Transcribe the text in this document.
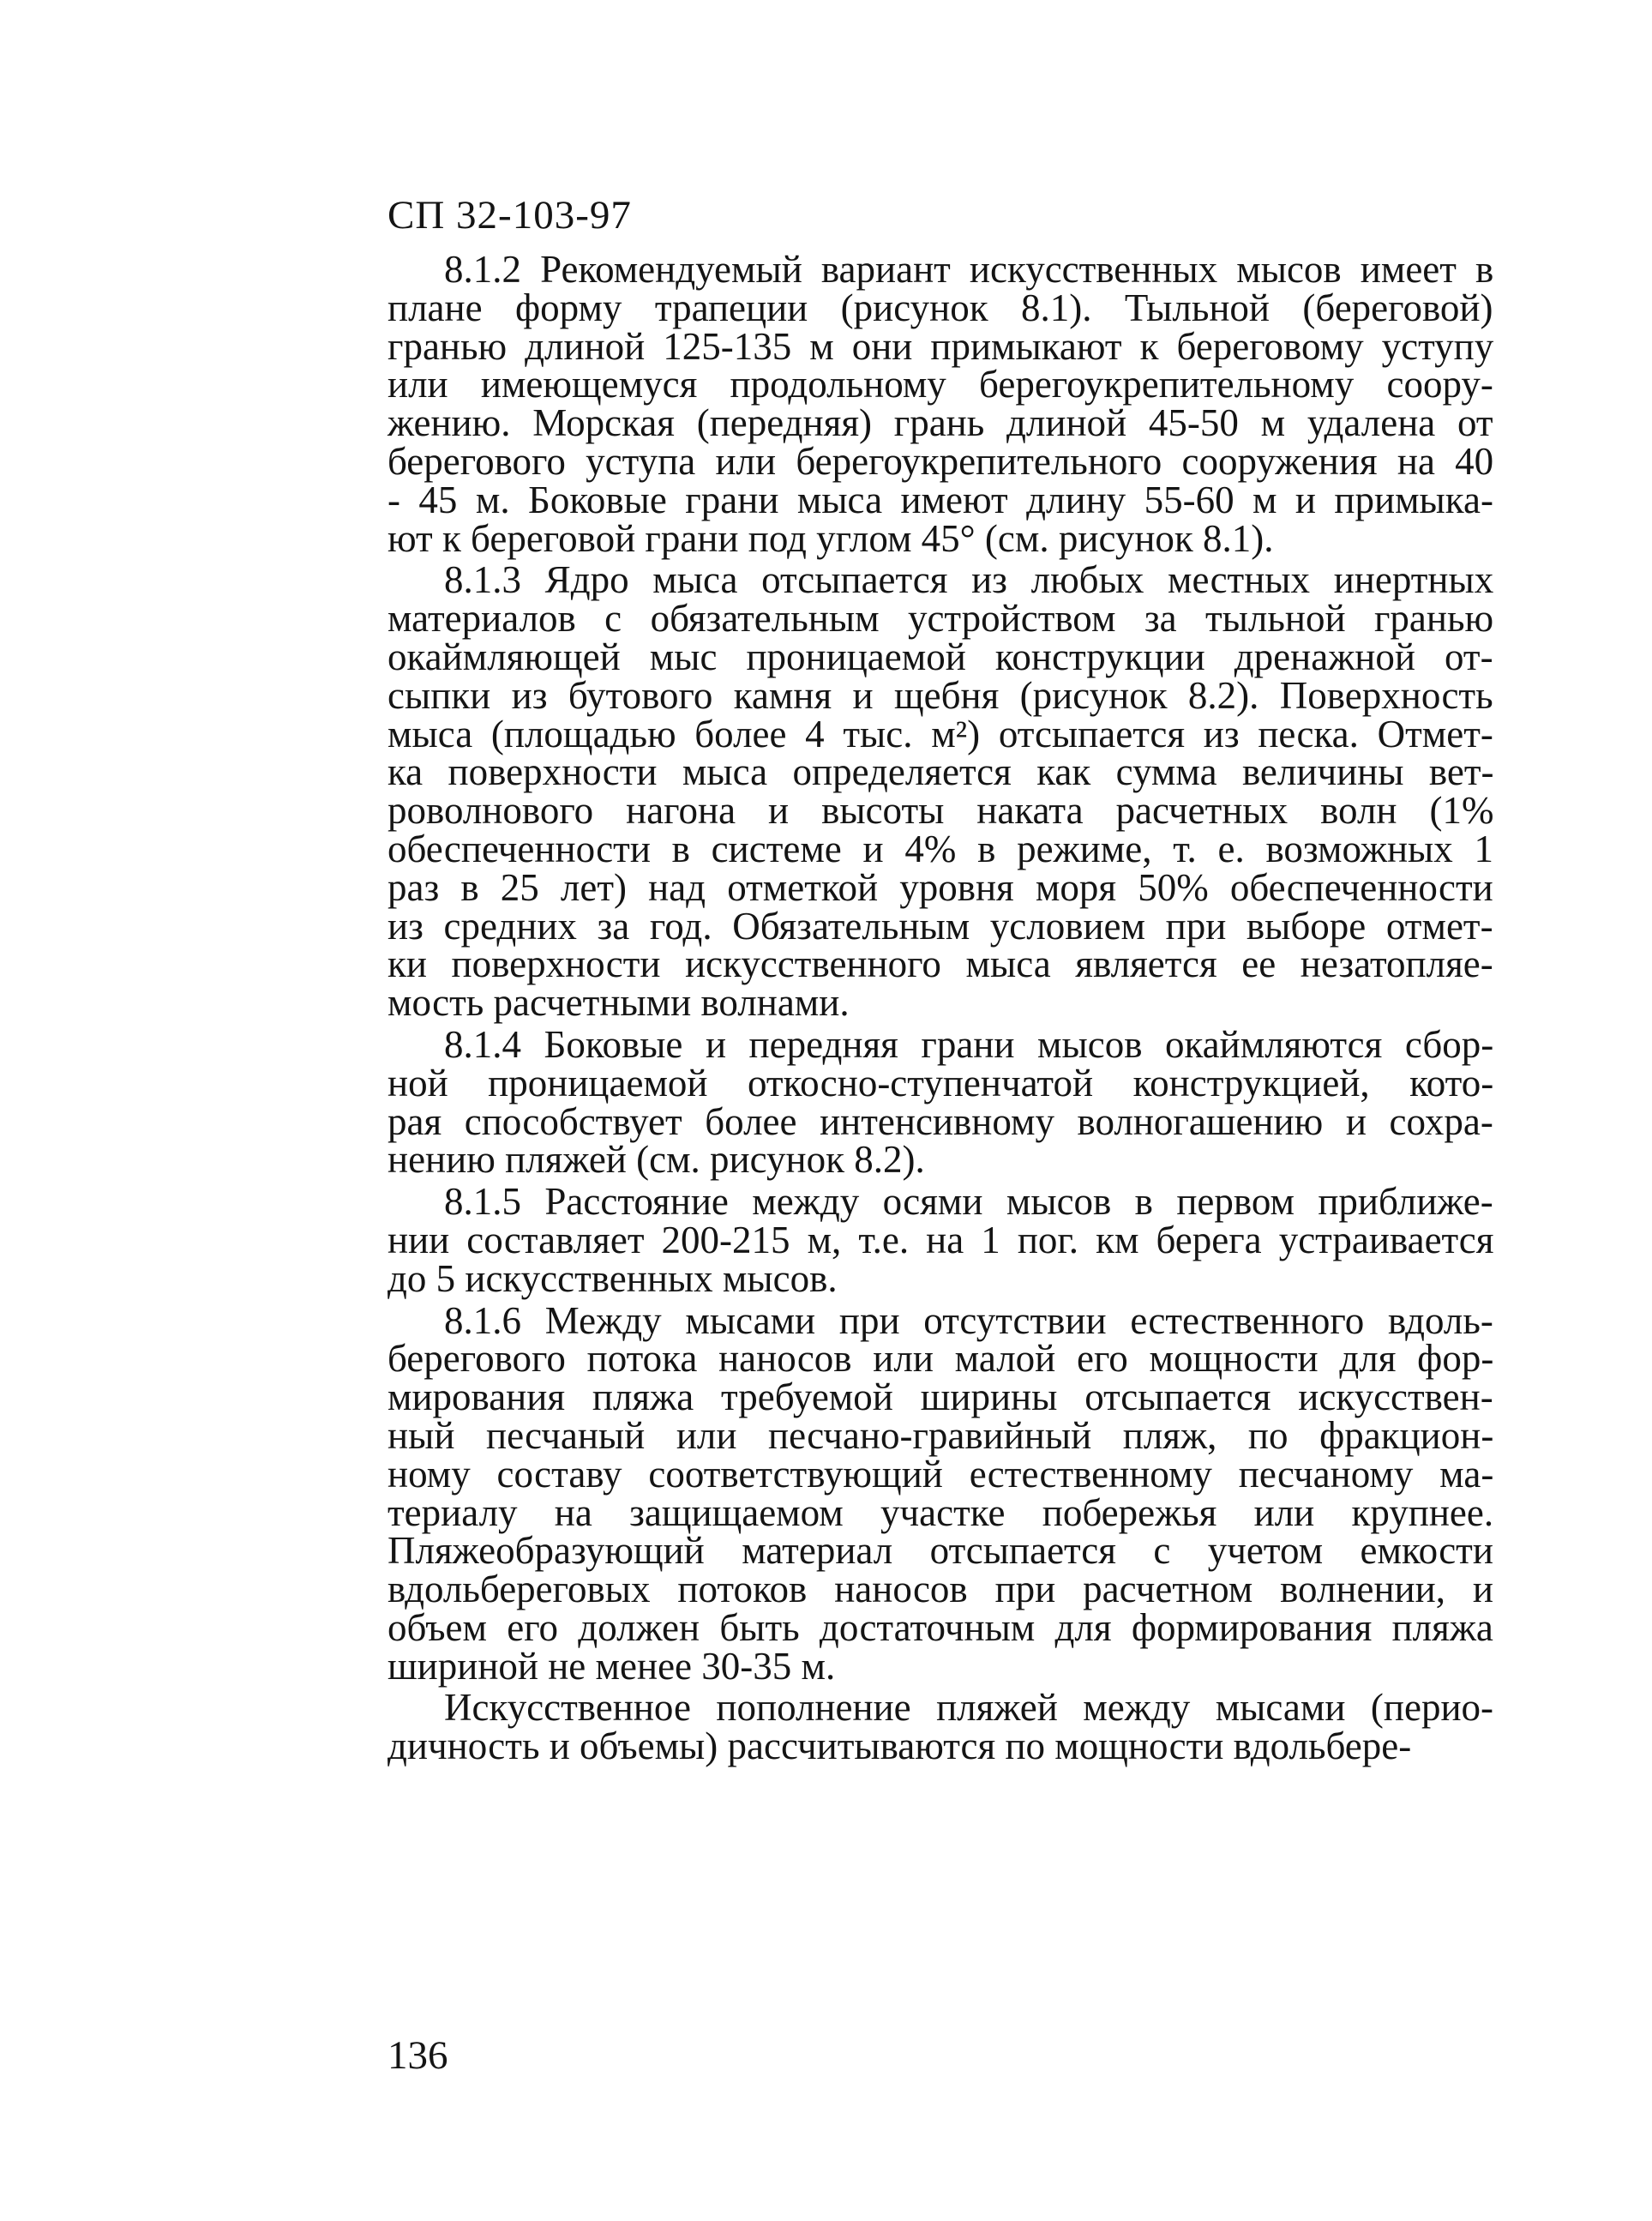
СП 32-103-97
8.1.2 Рекомендуемый вариант искусственных мысов имеет в
плане форму трапеции (рисунок 8.1). Тыльной (береговой)
гранью длиной 125-135 м они примыкают к береговому уступу
или имеющемуся продольному берегоукрепительному соору-
жению. Морская (передняя) грань длиной 45-50 м удалена от
берегового уступа или берегоукрепительного сооружения на 40
- 45 м. Боковые грани мыса имеют длину 55-60 м и примыка-
ют к береговой грани под углом 45° (см. рисунок 8.1).
8.1.3 Ядро мыса отсыпается из любых местных инертных
материалов с обязательным устройством за тыльной гранью
окаймляющей мыс проницаемой конструкции дренажной от-
сыпки из бутового камня и щебня (рисунок 8.2). Поверхность
мыса (площадью более 4 тыс. м²) отсыпается из песка. Отмет-
ка поверхности мыса определяется как сумма величины вет-
роволнового нагона и высоты наката расчетных волн (1%
обеспеченности в системе и 4% в режиме, т. е. возможных 1
раз в 25 лет) над отметкой уровня моря 50% обеспеченности
из средних за год. Обязательным условием при выборе отмет-
ки поверхности искусственного мыса является ее незатопляе-
мость расчетными волнами.
8.1.4 Боковые и передняя грани мысов окаймляются сбор-
ной проницаемой откосно-ступенчатой конструкцией, кото-
рая способствует более интенсивному волногашению и сохра-
нению пляжей (см. рисунок 8.2).
8.1.5 Расстояние между осями мысов в первом приближе-
нии составляет 200-215 м, т.е. на 1 пог. км берега устраивается
до 5 искусственных мысов.
8.1.6 Между мысами при отсутствии естественного вдоль-
берегового потока наносов или малой его мощности для фор-
мирования пляжа требуемой ширины отсыпается искусствен-
ный песчаный или песчано-гравийный пляж, по фракцион-
ному составу соответствующий естественному песчаному ма-
териалу на защищаемом участке побережья или крупнее.
Пляжеобразующий материал отсыпается с учетом емкости
вдольбереговых потоков наносов при расчетном волнении, и
объем его должен быть достаточным для формирования пляжа
шириной не менее 30-35 м.
Искусственное пополнение пляжей между мысами (перио-
дичность и объемы) рассчитываются по мощности вдольбере-
136
